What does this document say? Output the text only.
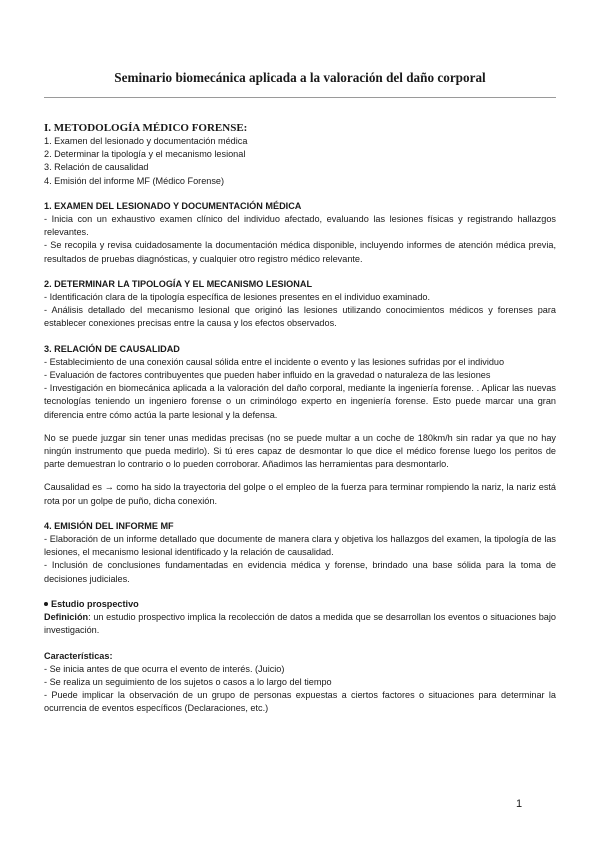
Seminario biomecánica aplicada a la valoración del daño corporal

I. METODOLOGÍA MÉDICO FORENSE:

1. Examen del lesionado y documentación médica

2. Determinar la tipología y el mecanismo lesional

3. Relación de causalidad

4. Emisión del informe MF (Médico Forense)

1. EXAMEN DEL LESIONADO Y DOCUMENTACIÓN MÉDICA

- Inicia con un exhaustivo examen clínico del individuo afectado, evaluando las lesiones físicas y registrando hallazgos relevantes.

- Se recopila y revisa cuidadosamente la documentación médica disponible, incluyendo informes de atención médica previa, resultados de pruebas diagnósticas, y cualquier otro registro médico relevante.

2. DETERMINAR LA TIPOLOGÍA Y EL MECANISMO LESIONAL

- Identificación clara de la tipología específica de lesiones presentes en el individuo examinado.

- Análisis detallado del mecanismo lesional que originó las lesiones utilizando conocimientos médicos y forenses para establecer conexiones precisas entre la causa y los efectos observados.

3. RELACIÓN DE CAUSALIDAD

- Establecimiento de una conexión causal sólida entre el incidente o evento y las lesiones sufridas por el individuo

- Evaluación de factores contribuyentes que pueden haber influido en la gravedad o naturaleza de las lesiones

- Investigación en biomecánica aplicada a la valoración del daño corporal, mediante la ingeniería forense. . Aplicar las nuevas tecnologías teniendo un ingeniero forense o un criminólogo experto en ingeniería forense. Esto puede marcar una gran diferencia entre cómo actúa la parte lesional y la defensa.

No se puede juzgar sin tener unas medidas precisas (no se puede multar a un coche de 180km/h sin radar ya que no hay ningún instrumento que pueda medirlo). Si tú eres capaz de desmontar lo que dice el médico forense luego los peritos de parte demuestran lo contrario o lo pueden corroborar. Añadimos las herramientas para desmontarlo.

Causalidad es → como ha sido la trayectoria del golpe o el empleo de la fuerza para terminar rompiendo la nariz, la nariz está rota por un golpe de puño, dicha conexión.

4. EMISIÓN DEL INFORME MF

- Elaboración de un informe detallado que documente de manera clara y objetiva los hallazgos del examen, la tipología de las lesiones, el mecanismo lesional identificado y la relación de causalidad.

- Inclusión de conclusiones fundamentadas en evidencia médica y forense, brindado una base sólida para la toma de decisiones judiciales.

Estudio prospectivo

Definición: un estudio prospectivo implica la recolección de datos a medida que se desarrollan los eventos o situaciones bajo investigación.

Características:

- Se inicia antes de que ocurra el evento de interés. (Juicio)

- Se realiza un seguimiento de los sujetos o casos a lo largo del tiempo

- Puede implicar la observación de un grupo de personas expuestas a ciertos factores o situaciones para determinar la ocurrencia de eventos específicos (Declaraciones, etc.)

1
